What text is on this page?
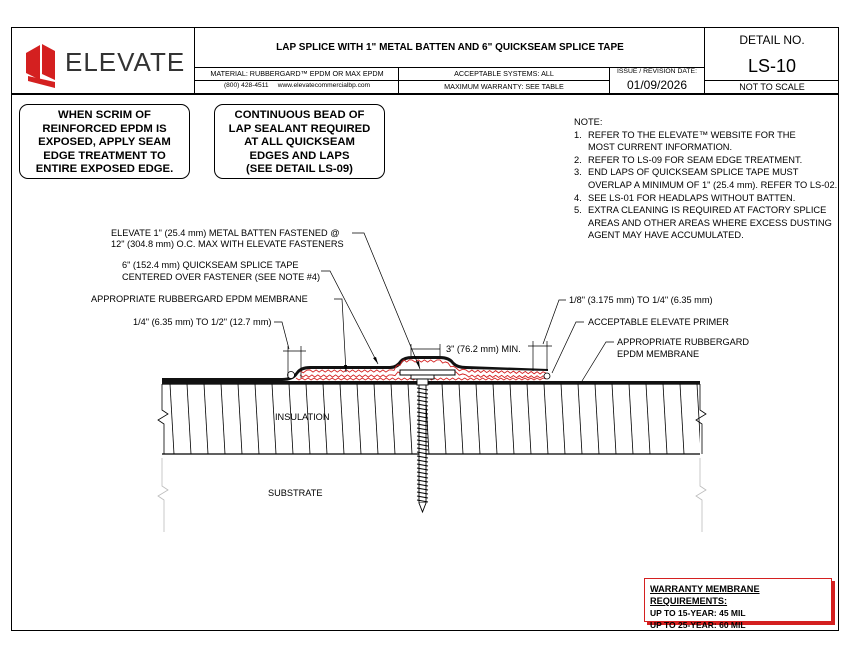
ELEVATE	LAP SPLICE WITH 1" METAL BATTEN AND 6" QUICKSEAM SPLICE TAPE
MATERIAL: RUBBERGARD™ EPDM OR MAX EPDM	ACCEPTABLE SYSTEMS: ALL	ISSUE / REVISION DATE:
(800) 428-4511     www.elevatecommercialbp.com	MAXIMUM WARRANTY: SEE TABLE	01/09/2026
DETAIL NO.
LS-10
NOT TO SCALE
WHEN SCRIM OF
REINFORCED EPDM IS
EXPOSED, APPLY SEAM
EDGE TREATMENT TO
ENTIRE EXPOSED EDGE.
CONTINUOUS BEAD OF
LAP SEALANT REQUIRED
AT ALL QUICKSEAM
EDGES AND LAPS
(SEE DETAIL LS-09)
NOTE:
1. REFER TO THE ELEVATE™ WEBSITE FOR THE
MOST CURRENT INFORMATION.
2. REFER TO LS-09 FOR SEAM EDGE TREATMENT.
3. END LAPS OF QUICKSEAM SPLICE TAPE MUST
OVERLAP A MINIMUM OF 1" (25.4 mm). REFER TO LS-02.
4. SEE LS-01 FOR HEADLAPS WITHOUT BATTEN.
5. EXTRA CLEANING IS REQUIRED AT FACTORY SPLICE
AREAS AND OTHER AREAS WHERE EXCESS DUSTING
AGENT MAY HAVE ACCUMULATED.
ELEVATE 1" (25.4 mm) METAL BATTEN FASTENED @
12" (304.8 mm) O.C. MAX WITH ELEVATE FASTENERS
6" (152.4 mm) QUICKSEAM SPLICE TAPE
CENTERED OVER FASTENER (SEE NOTE #4)
APPROPRIATE RUBBERGARD EPDM MEMBRANE
1/4" (6.35 mm) TO 1/2" (12.7 mm)
1/8" (3.175 mm) TO 1/4" (6.35 mm)
ACCEPTABLE ELEVATE PRIMER
APPROPRIATE RUBBERGARD
EPDM MEMBRANE
3" (76.2 mm) MIN.
INSULATION
SUBSTRATE
WARRANTY MEMBRANE REQUIREMENTS:
UP TO 15-YEAR: 45 MIL
UP TO 25-YEAR: 60 MIL
